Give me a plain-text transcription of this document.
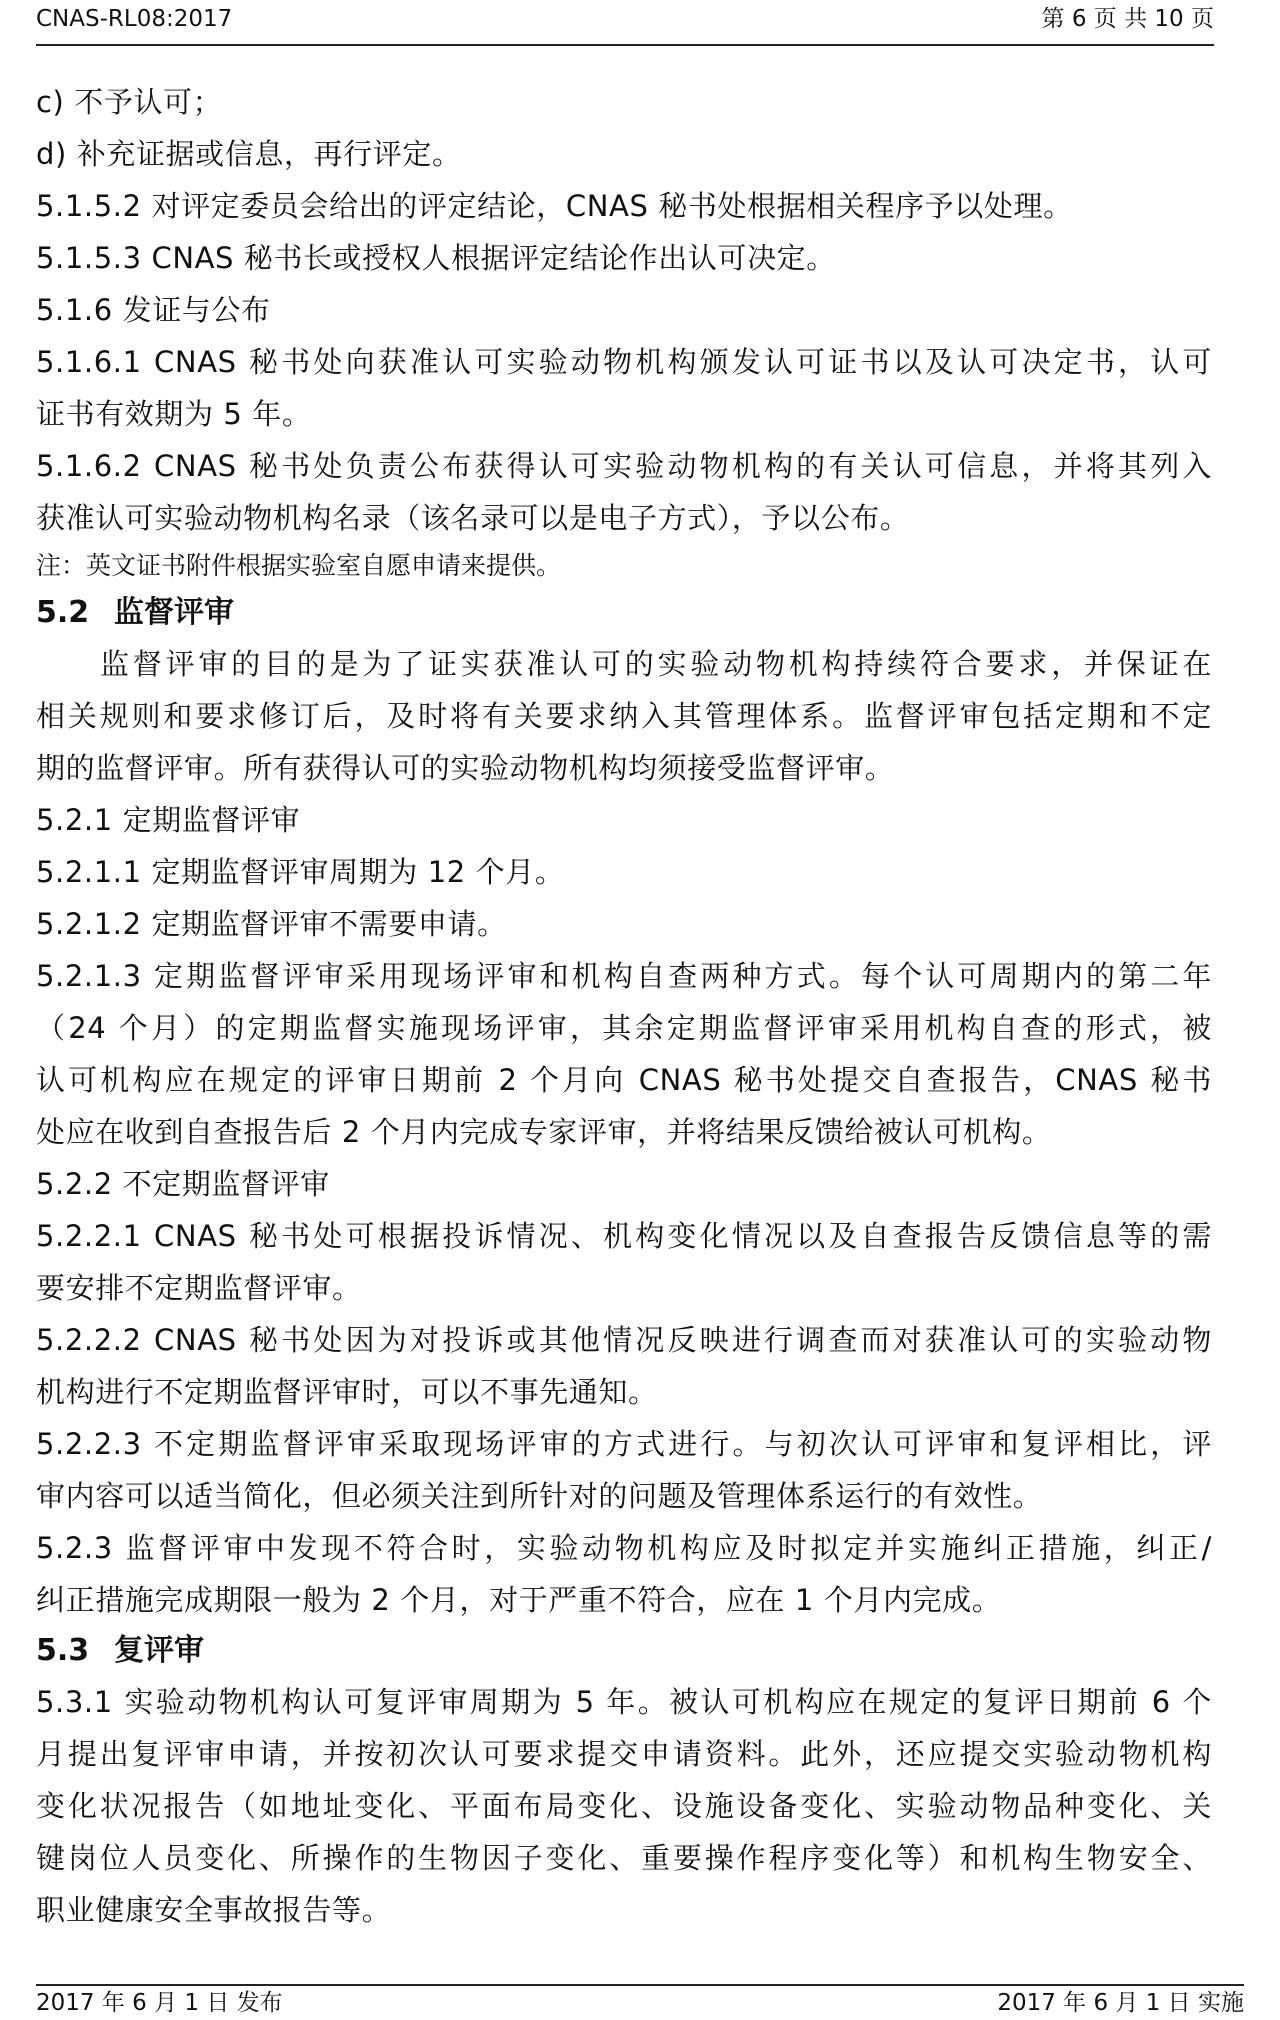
CNAS-RL08:2017	第 6 页 共 10 页
c) 不予认可；
d) 补充证据或信息，再行评定。
5.1.5.2 对评定委员会给出的评定结论，CNAS 秘书处根据相关程序予以处理。
5.1.5.3 CNAS 秘书长或授权人根据评定结论作出认可决定。
5.1.6 发证与公布
5.1.6.1 CNAS 秘书处向获准认可实验动物机构颁发认可证书以及认可决定书，认可
证书有效期为 5 年。
5.1.6.2 CNAS 秘书处负责公布获得认可实验动物机构的有关认可信息，并将其列入
获准认可实验动物机构名录（该名录可以是电子方式），予以公布。
注：英文证书附件根据实验室自愿申请来提供。
5.2 监督评审
监督评审的目的是为了证实获准认可的实验动物机构持续符合要求，并保证在
相关规则和要求修订后，及时将有关要求纳入其管理体系。监督评审包括定期和不定
期的监督评审。所有获得认可的实验动物机构均须接受监督评审。
5.2.1 定期监督评审
5.2.1.1 定期监督评审周期为 12 个月。
5.2.1.2 定期监督评审不需要申请。
5.2.1.3 定期监督评审采用现场评审和机构自查两种方式。每个认可周期内的第二年
（24 个月）的定期监督实施现场评审，其余定期监督评审采用机构自查的形式，被
认可机构应在规定的评审日期前 2 个月向 CNAS 秘书处提交自查报告，CNAS 秘书
处应在收到自查报告后 2 个月内完成专家评审，并将结果反馈给被认可机构。
5.2.2 不定期监督评审
5.2.2.1 CNAS 秘书处可根据投诉情况、机构变化情况以及自查报告反馈信息等的需
要安排不定期监督评审。
5.2.2.2 CNAS 秘书处因为对投诉或其他情况反映进行调查而对获准认可的实验动物
机构进行不定期监督评审时，可以不事先通知。
5.2.2.3 不定期监督评审采取现场评审的方式进行。与初次认可评审和复评相比，评
审内容可以适当简化，但必须关注到所针对的问题及管理体系运行的有效性。
5.2.3 监督评审中发现不符合时，实验动物机构应及时拟定并实施纠正措施，纠正/
纠正措施完成期限一般为 2 个月，对于严重不符合，应在 1 个月内完成。
5.3 复评审
5.3.1 实验动物机构认可复评审周期为 5 年。被认可机构应在规定的复评日期前 6 个
月提出复评审申请，并按初次认可要求提交申请资料。此外，还应提交实验动物机构
变化状况报告（如地址变化、平面布局变化、设施设备变化、实验动物品种变化、关
键岗位人员变化、所操作的生物因子变化、重要操作程序变化等）和机构生物安全、
职业健康安全事故报告等。
2017 年 6 月 1 日 发布	2017 年 6 月 1 日 实施
